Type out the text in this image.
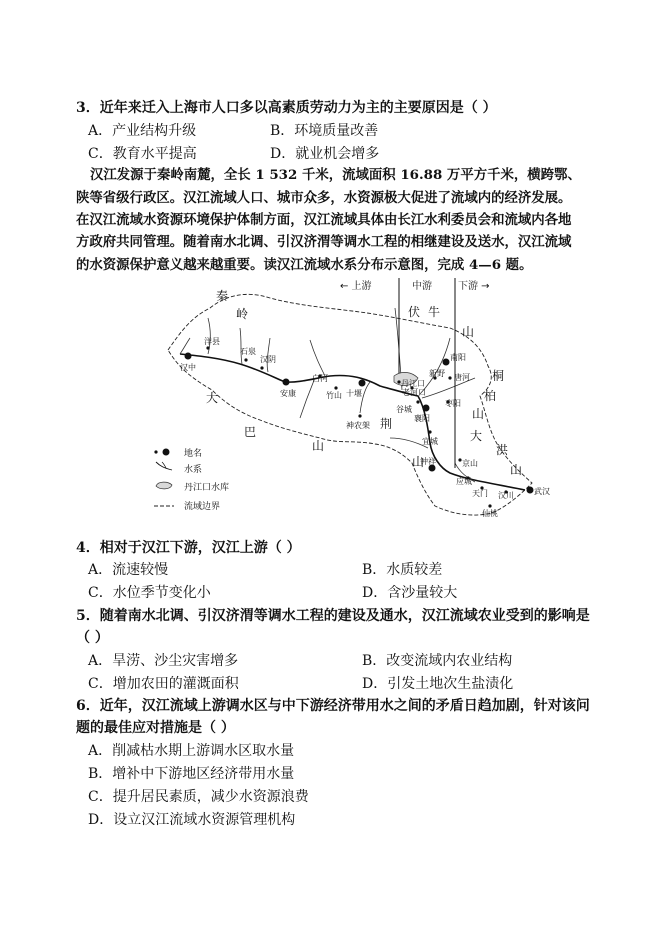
3．近年来迁入上海市人口多以高素质劳动力为主的主要原因是（ ）
A．产业结构升级	B．环境质量改善
C．教育水平提高	D．就业机会增多
汉江发源于秦岭南麓，全长 1 532 千米，流域面积 16.88 万平方千米，横跨鄂、
陕等省级行政区。汉江流域人口、城市众多，水资源极大促进了流域内的经济发展。
在汉江流域水资源环境保护体制方面，汉江流域具体由长江水利委员会和流域内各地
方政府共同管理。随着南水北调、引汉济渭等调水工程的相继建设及送水，汉江流域
的水资源保护意义越来越重要。读汉江流域水系分布示意图，完成 4—6 题。
← 上游	中游	下游 →
秦
岭	伏 牛
山
桐
柏
山
大
洪
山
荆
山
大
巴
山
洋县
汉中
石泉
汉阴
安康
白河
竹山 十堰
神农架
丹江口
老河口
谷城
襄阳
南阳
唐河
新野
枣阳
宜城
钟祥	京山
应城
天门
仙桃
汉川	武汉
地名
水系
丹江口水库
流域边界
4．相对于汉江下游，汉江上游（ ）
A．流速较慢	B．水质较差
C．水位季节变化小	D．含沙量较大
5．随着南水北调、引汉济渭等调水工程的建设及通水，汉江流域农业受到的影响是
（ ）
A．旱涝、沙尘灾害增多	B．改变流域内农业结构
C．增加农田的灌溉面积	D．引发土地次生盐渍化
6．近年，汉江流域上游调水区与中下游经济带用水之间的矛盾日趋加剧，针对该问
题的最佳应对措施是（ ）
A．削减枯水期上游调水区取水量
B．增补中下游地区经济带用水量
C．提升居民素质，减少水资源浪费
D．设立汉江流域水资源管理机构
